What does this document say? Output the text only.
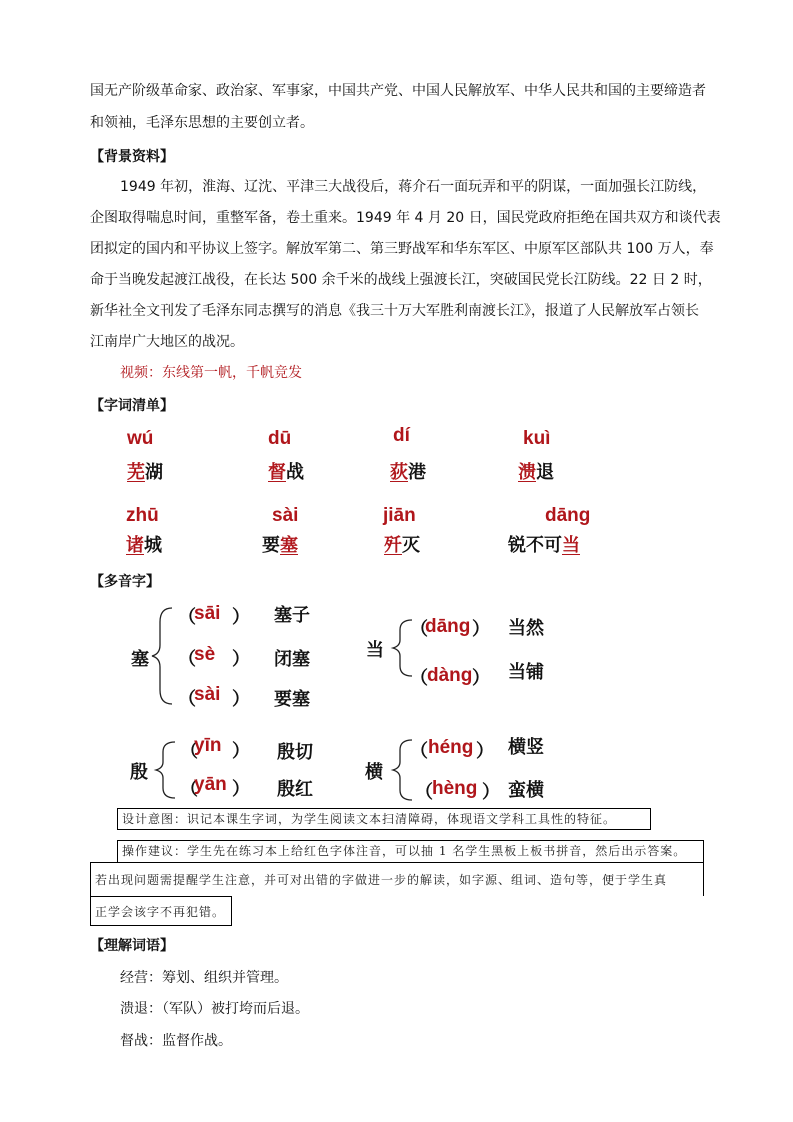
国无产阶级革命家、政治家、军事家，中国共产党、中国人民解放军、中华人民共和国的主要缔造者
和领袖，毛泽东思想的主要创立者。
【背景资料】
1949 年初，淮海、辽沈、平津三大战役后，蒋介石一面玩弄和平的阴谋，一面加强长江防线，
企图取得喘息时间，重整军备，卷土重来。1949 年 4 月 20 日，国民党政府拒绝在国共双方和谈代表
团拟定的国内和平协议上签字。解放军第二、第三野战军和华东军区、中原军区部队共 100 万人，奉
命于当晚发起渡江战役，在长达 500 余千米的战线上强渡长江，突破国民党长江防线。22 日 2 时，
新华社全文刊发了毛泽东同志撰写的消息《我三十万大军胜利南渡长江》，报道了人民解放军占领长
江南岸广大地区的战况。
视频：东线第一帆，千帆竞发
【字词清单】
wú
芜湖
dū
督战
dí
荻港
kuì
溃退
zhū
诸城
sài
要塞
jiān
歼灭
dāng
锐不可当
【多音字】
塞
（
sāi ） 塞子
（
sè ） 闭塞
（
sài ） 要塞
当
（
dāng ） 当然
（ dàng ） 当铺
殷
（
yīn ） 殷切
（
yān ） 殷红
横
（ héng ） 横竖
（ hèng ） 蛮横
设计意图：识记本课生字词，为学生阅读文本扫清障碍，体现语文学科工具性的特征。
操作建议：学生先在练习本上给红色字体注音，可以抽 1 名学生黑板上板书拼音，然后出示答案。
若出现问题需提醒学生注意，并可对出错的字做进一步的解读，如字源、组词、造句等，便于学生真
正学会该字不再犯错。
【理解词语】
经营：筹划、组织并管理。
溃退：（军队）被打垮而后退。
督战：监督作战。
